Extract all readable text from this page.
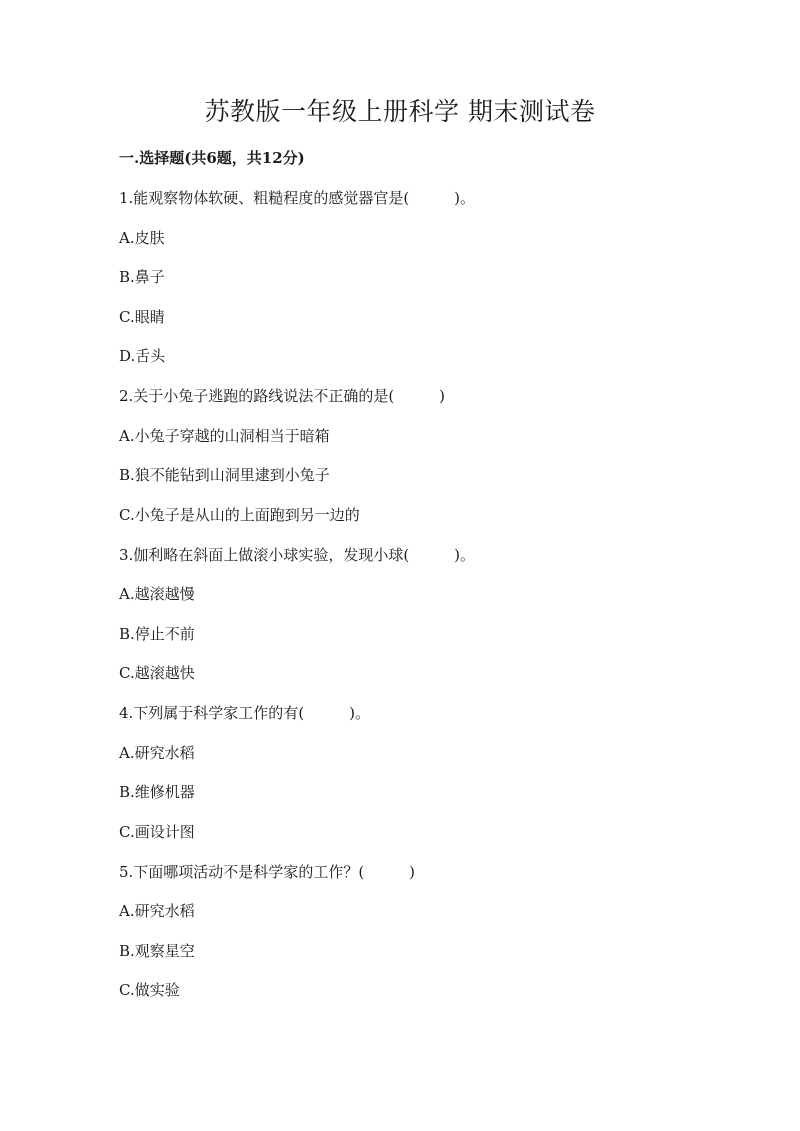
苏教版一年级上册科学 期末测试卷
一.选择题(共6题，共12分)
1.能观察物体软硬、粗糙程度的感觉器官是(　　　)。
A.皮肤
B.鼻子
C.眼睛
D.舌头
2.关于小兔子逃跑的路线说法不正确的是(　　　)
A.小兔子穿越的山洞相当于暗箱
B.狼不能钻到山洞里逮到小兔子
C.小兔子是从山的上面跑到另一边的
3.伽利略在斜面上做滚小球实验，发现小球(　　　)。
A.越滚越慢
B.停止不前
C.越滚越快
4.下列属于科学家工作的有(　　　)。
A.研究水稻
B.维修机器
C.画设计图
5.下面哪项活动不是科学家的工作？(　　　)
A.研究水稻
B.观察星空
C.做实验
